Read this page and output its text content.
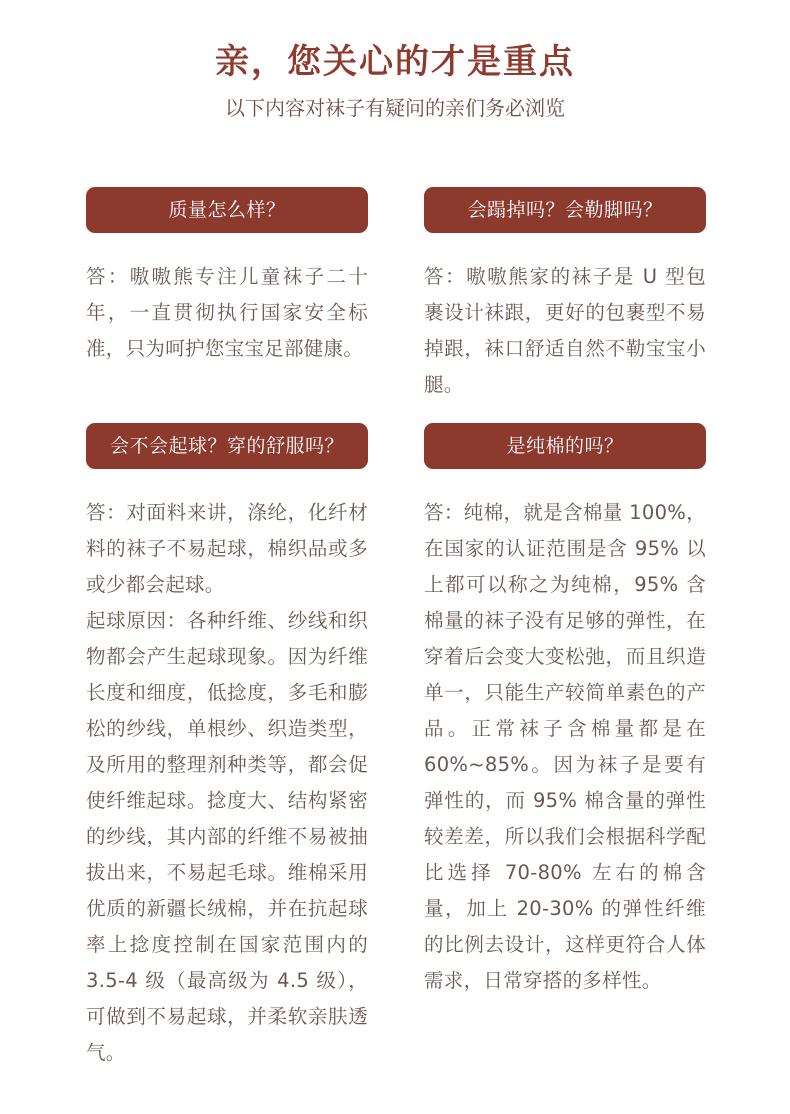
亲，您关心的才是重点
以下内容对袜子有疑问的亲们务必浏览
质量怎么样？

答：嗷嗷熊专注儿童袜子二十年，一直贯彻执行国家安全标准，只为呵护您宝宝足部健康。

会蹋掉吗？会勒脚吗？

答：嗷嗷熊家的袜子是 U 型包裹设计袜跟，更好的包裹型不易掉跟，袜口舒适自然不勒宝宝小腿。

会不会起球？穿的舒服吗？

答：对面料来讲，涤纶，化纤材料的袜子不易起球，棉织品或多或少都会起球。

起球原因：各种纤维、纱线和织物都会产生起球现象。因为纤维长度和细度，低捻度，多毛和膨松的纱线，单根纱、织造类型，及所用的整理剂种类等，都会促使纤维起球。捻度大、结构紧密的纱线，其内部的纤维不易被抽拔出来，不易起毛球。维棉采用优质的新疆长绒棉，并在抗起球率上捻度控制在国家范围内的 3.5-4 级（最高级为 4.5 级），可做到不易起球，并柔软亲肤透气。

是纯棉的吗？

答：纯棉，就是含棉量 100%，在国家的认证范围是含 95% 以上都可以称之为纯棉，95% 含棉量的袜子没有足够的弹性，在穿着后会变大变松弛，而且织造单一，只能生产较简单素色的产品。正常袜子含棉量都是在 60%~85%。因为袜子是要有弹性的，而 95% 棉含量的弹性较差差，所以我们会根据科学配比选择 70-80% 左右的棉含量，加上 20-30% 的弹性纤维的比例去设计，这样更符合人体需求，日常穿搭的多样性。
